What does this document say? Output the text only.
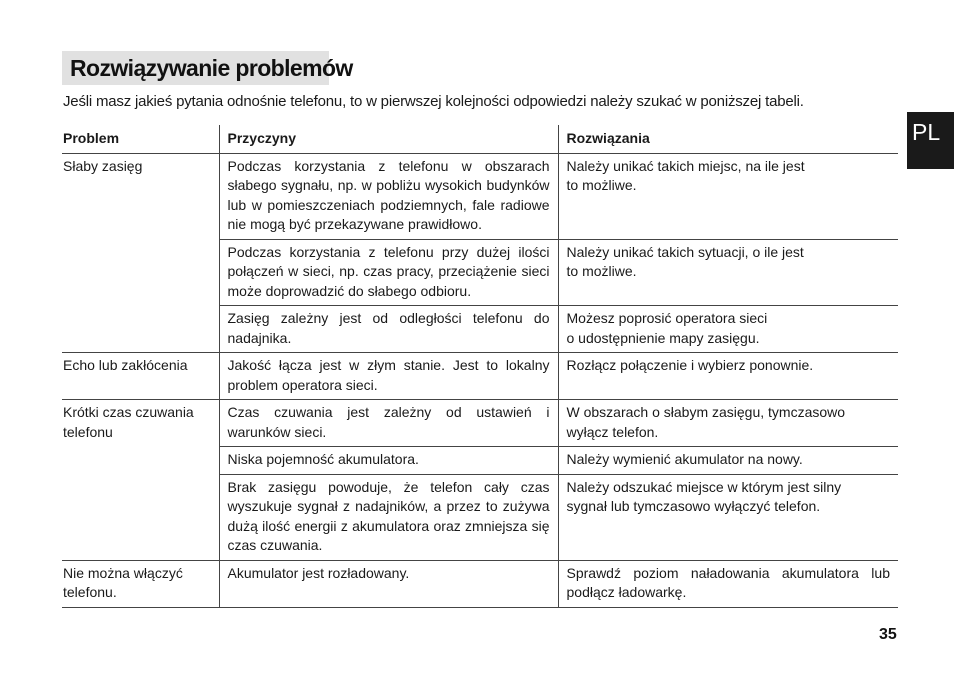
Rozwiązywanie problemów
Jeśli masz jakieś pytania odnośnie telefonu, to w pierwszej kolejności odpowiedzi należy szukać w poniższej tabeli.
PL
Problem	Przyczyny	Rozwiązania
Słaby zasięg	Podczas korzystania z telefonu w obszarach słabego sygnału, np. w pobliżu wysokich budynków lub w pomieszczeniach podziemnych, fale radiowe nie mogą być przekazywane prawidłowo.	Należy unikać takich miejsc, na ile jest
to możliwe.
	Podczas korzystania z telefonu przy dużej ilości połączeń w sieci, np. czas pracy, przeciążenie sieci może doprowadzić do słabego odbioru.	Należy unikać takich sytuacji, o ile jest
to możliwe.
	Zasięg zależny jest od odległości telefonu do nadajnika.	Możesz poprosić operatora sieci
o udostępnienie mapy zasięgu.
Echo lub zakłócenia	Jakość łącza jest w złym stanie. Jest to lokalny problem operatora sieci.	Rozłącz połączenie i wybierz ponownie.
Krótki czas czuwania telefonu	Czas czuwania jest zależny od ustawień i warunków sieci.	W obszarach o słabym zasięgu, tymczasowo
wyłącz telefon.
	Niska pojemność akumulatora.	Należy wymienić akumulator na nowy.
	Brak zasięgu powoduje, że telefon cały czas wyszukuje sygnał z nadajników, a przez to zużywa dużą ilość energii z akumulatora oraz zmniejsza się czas czuwania.	Należy odszukać miejsce w którym jest silny
sygnał lub tymczasowo wyłączyć telefon.
Nie można włączyć telefonu.	Akumulator jest rozładowany.	Sprawdź poziom naładowania akumulatora lub podłącz ładowarkę.
35
